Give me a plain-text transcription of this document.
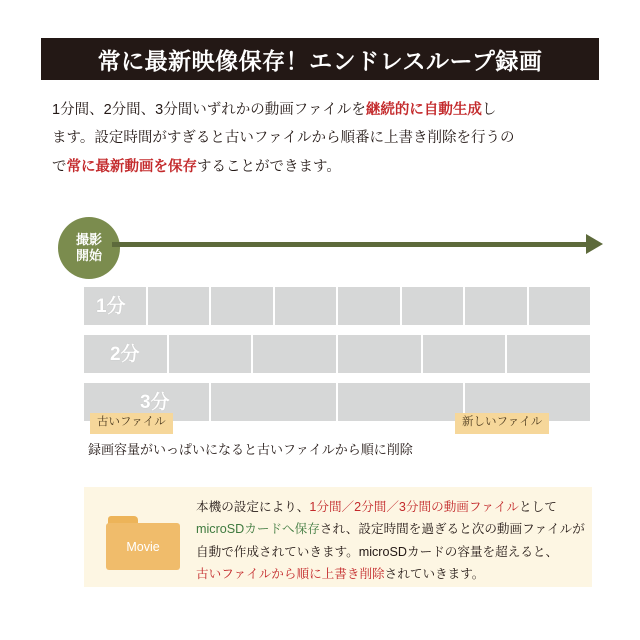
常に最新映像保存！エンドレスループ録画
1分間、2分間、3分間いずれかの動画ファイルを継続的に自動生成し
ます。設定時間がすぎると古いファイルから順番に上書き削除を行うの
で常に最新動画を保存することができます。
撮影
開始
1分
2分
3分
古いファイル	新しいファイル
録画容量がいっぱいになると古いファイルから順に削除
Movie
本機の設定により、1分間／2分間／3分間の動画ファイルとして
microSDカードへ保存され、設定時間を過ぎると次の動画ファイルが
自動で作成されていきます。microSDカードの容量を超えると、
古いファイルから順に上書き削除されていきます。
